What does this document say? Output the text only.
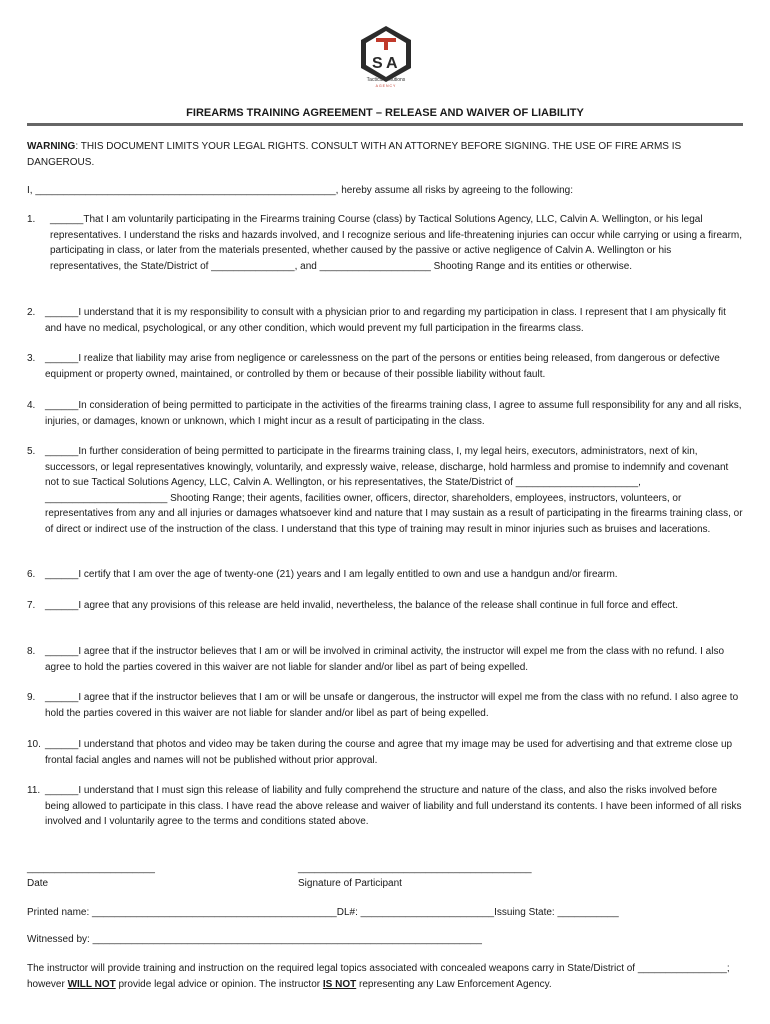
S A
Tactical Solutions
AGENCY
FIREARMS TRAINING AGREEMENT – RELEASE AND WAIVER OF LIABILITY
WARNING: THIS DOCUMENT LIMITS YOUR LEGAL RIGHTS. CONSULT WITH AN ATTORNEY BEFORE SIGNING. THE USE OF FIRE ARMS IS DANGEROUS.
I, ______________________________________________________, hereby assume all risks by agreeing to the following:
1. ______That I am voluntarily participating in the Firearms training Course (class) by Tactical Solutions Agency, LLC, Calvin A. Wellington, or his legal representatives. I understand the risks and hazards involved, and I recognize serious and life-threatening injuries can occur while carrying or using a firearm, participating in class, or later from the materials presented, whether caused by the passive or active negligence of Calvin A. Wellington or his representatives, the State/District of _______________, and ____________________ Shooting Range and its entities or otherwise.
2. ______I understand that it is my responsibility to consult with a physician prior to and regarding my participation in class. I represent that I am physically fit and have no medical, psychological, or any other condition, which would prevent my full participation in the firearms class.
3. ______I realize that liability may arise from negligence or carelessness on the part of the persons or entities being released, from dangerous or defective equipment or property owned, maintained, or controlled by them or because of their possible liability without fault.
4. ______In consideration of being permitted to participate in the activities of the firearms training class, I agree to assume full responsibility for any and all risks, injuries, or damages, known or unknown, which I might incur as a result of participating in the class.
5. ______In further consideration of being permitted to participate in the firearms training class, I, my legal heirs, executors, administrators, next of kin, successors, or legal representatives knowingly, voluntarily, and expressly waive, release, discharge, hold harmless and promise to indemnify and covenant not to sue Tactical Solutions Agency, LLC, Calvin A. Wellington, or his representatives, the State/District of ______________________, ______________________ Shooting Range; their agents, facilities owner, officers, director, shareholders, employees, instructors, volunteers, or representatives from any and all injuries or damages whatsoever kind and nature that I may sustain as a result of participating in the firearms training class, or of direct or indirect use of the instruction of the class. I understand that this type of training may result in minor injuries such as bruises and lacerations.
6. ______I certify that I am over the age of twenty-one (21) years and I am legally entitled to own and use a handgun and/or firearm.
7. ______I agree that any provisions of this release are held invalid, nevertheless, the balance of the release shall continue in full force and effect.
8. ______I agree that if the instructor believes that I am or will be involved in criminal activity, the instructor will expel me from the class with no refund. I also agree to hold the parties covered in this waiver are not liable for slander and/or libel as part of being expelled.
9. ______I agree that if the instructor believes that I am or will be unsafe or dangerous, the instructor will expel me from the class with no refund. I also agree to hold the parties covered in this waiver are not liable for slander and/or libel as part of being expelled.
10. ______I understand that photos and video may be taken during the course and agree that my image may be used for advertising and that extreme close up frontal facial angles and names will not be published without prior approval.
11. ______I understand that I must sign this release of liability and fully comprehend the structure and nature of the class, and also the risks involved before being allowed to participate in this class. I have read the above release and waiver of liability and full understand its contents. I have been informed of all risks involved and I voluntarily agree to the terms and conditions stated above.
_______________________
Date
__________________________________________
Signature of Participant
Printed name: ____________________________________________DL#: ________________________Issuing State: ___________
Witnessed by: ______________________________________________________________________
The instructor will provide training and instruction on the required legal topics associated with concealed weapons carry in State/District of ________________; however WILL NOT provide legal advice or opinion. The instructor IS NOT representing any Law Enforcement Agency.
